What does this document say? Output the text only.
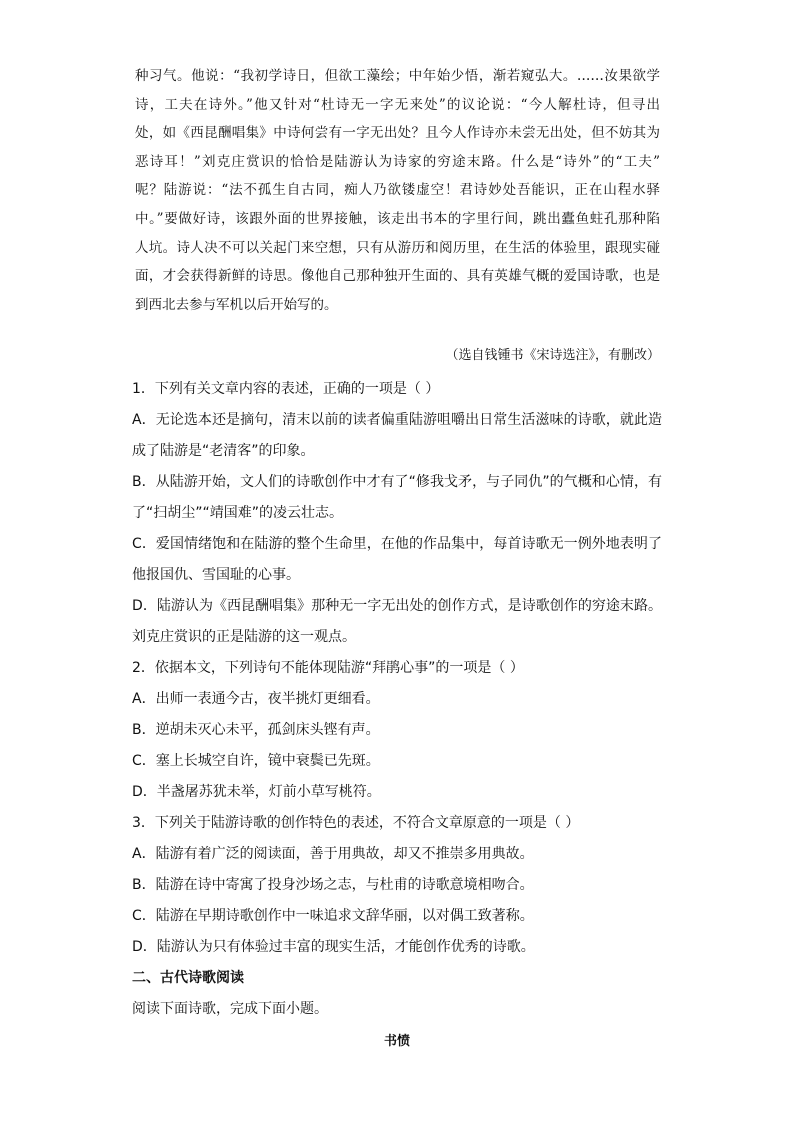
种习气。他说：“我初学诗日，但欲工藻绘；中年始少悟，渐若窥弘大。……汝果欲学
诗，工夫在诗外。”他又针对“杜诗无一字无来处”的议论说：“今人解杜诗，但寻出
处，如《西昆酬唱集》中诗何尝有一字无出处？且今人作诗亦未尝无出处，但不妨其为
恶诗耳！”刘克庄赏识的恰恰是陆游认为诗家的穷途末路。什么是“诗外”的“工夫”
呢？陆游说：“法不孤生自古同，痴人乃欲镂虚空！君诗妙处吾能识，正在山程水驿
中。”要做好诗，该跟外面的世界接触，该走出书本的字里行间，跳出蠹鱼蛀孔那种陷
人坑。诗人决不可以关起门来空想，只有从游历和阅历里，在生活的体验里，跟现实碰
面，才会获得新鲜的诗思。像他自己那种独开生面的、具有英雄气概的爱国诗歌，也是
到西北去参与军机以后开始写的。
（选自钱锺书《宋诗选注》，有删改）
1．下列有关文章内容的表述，正确的一项是（ ）
A．无论选本还是摘句，清末以前的读者偏重陆游咀嚼出日常生活滋味的诗歌，就此造
成了陆游是“老清客”的印象。
B．从陆游开始，文人们的诗歌创作中才有了“修我戈矛，与子同仇”的气概和心情，有
了“扫胡尘”“靖国难”的凌云壮志。
C．爱国情绪饱和在陆游的整个生命里，在他的作品集中，每首诗歌无一例外地表明了
他报国仇、雪国耻的心事。
D．陆游认为《西昆酬唱集》那种无一字无出处的创作方式，是诗歌创作的穷途末路。
刘克庄赏识的正是陆游的这一观点。
2．依据本文，下列诗句不能体现陆游“拜鹃心事”的一项是（ ）
A．出师一表通今古，夜半挑灯更细看。
B．逆胡未灭心未平，孤剑床头铿有声。
C．塞上长城空自许，镜中衰鬓已先斑。
D．半盏屠苏犹未举，灯前小草写桃符。
3．下列关于陆游诗歌的创作特色的表述，不符合文章原意的一项是（ ）
A．陆游有着广泛的阅读面，善于用典故，却又不推崇多用典故。
B．陆游在诗中寄寓了投身沙场之志，与杜甫的诗歌意境相吻合。
C．陆游在早期诗歌创作中一味追求文辞华丽，以对偶工致著称。
D．陆游认为只有体验过丰富的现实生活，才能创作优秀的诗歌。
二、古代诗歌阅读
阅读下面诗歌，完成下面小题。
书愤
